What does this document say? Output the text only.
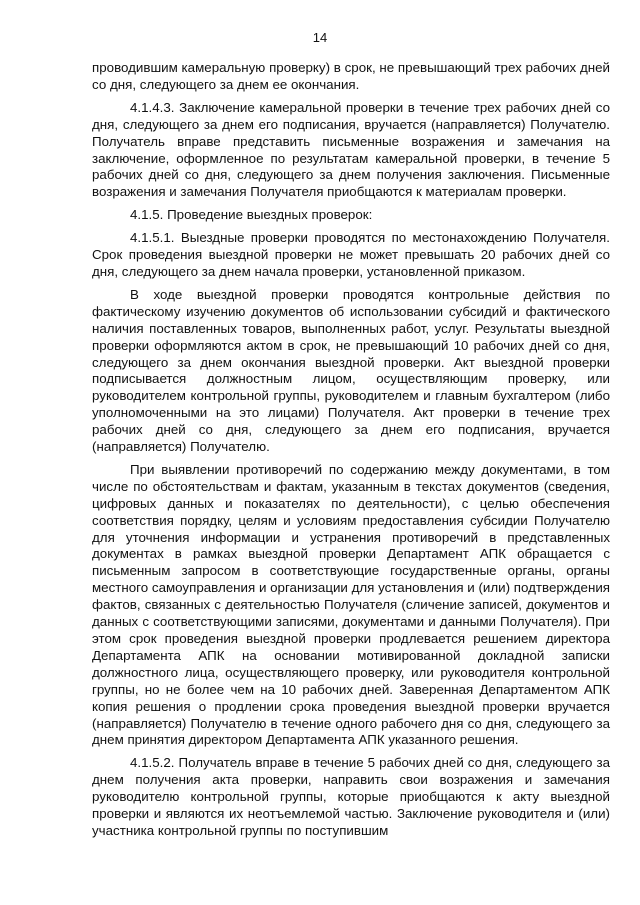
14

проводившим камеральную проверку) в срок, не превышающий трех рабочих дней со дня, следующего за днем ее окончания.

4.1.4.3. Заключение камеральной проверки в течение трех рабочих дней со дня, следующего за днем его подписания, вручается (направляется) Получателю. Получатель вправе представить письменные возражения и замечания на заключение, оформленное по результатам камеральной проверки, в течение 5 рабочих дней со дня, следующего за днем получения заключения. Письменные возражения и замечания Получателя приобщаются к материалам проверки.

4.1.5. Проведение выездных проверок:

4.1.5.1. Выездные проверки проводятся по местонахождению Получателя. Срок проведения выездной проверки не может превышать 20 рабочих дней со дня, следующего за днем начала проверки, установленной приказом.

В ходе выездной проверки проводятся контрольные действия по фактическому изучению документов об использовании субсидий и фактического наличия поставленных товаров, выполненных работ, услуг. Результаты выездной проверки оформляются актом в срок, не превышающий 10 рабочих дней со дня, следующего за днем окончания выездной проверки. Акт выездной проверки подписывается должностным лицом, осуществляющим проверку, или руководителем контрольной группы, руководителем и главным бухгалтером (либо уполномоченными на это лицами) Получателя. Акт проверки в течение трех рабочих дней со дня, следующего за днем его подписания, вручается (направляется) Получателю.

При выявлении противоречий по содержанию между документами, в том числе по обстоятельствам и фактам, указанным в текстах документов (сведения, цифровых данных и показателях по деятельности), с целью обеспечения соответствия порядку, целям и условиям предоставления субсидии Получателю для уточнения информации и устранения противоречий в представленных документах в рамках выездной проверки Департамент АПК обращается с письменным запросом в соответствующие государственные органы, органы местного самоуправления и организации для установления и (или) подтверждения фактов, связанных с деятельностью Получателя (сличение записей, документов и данных с соответствующими записями, документами и данными Получателя). При этом срок проведения выездной проверки продлевается решением директора Департамента АПК на основании мотивированной докладной записки должностного лица, осуществляющего проверку, или руководителя контрольной группы, но не более чем на 10 рабочих дней. Заверенная Департаментом АПК копия решения о продлении срока проведения выездной проверки вручается (направляется) Получателю в течение одного рабочего дня со дня, следующего за днем принятия директором Департамента АПК указанного решения.

4.1.5.2. Получатель вправе в течение 5 рабочих дней со дня, следующего за днем получения акта проверки, направить свои возражения и замечания руководителю контрольной группы, которые приобщаются к акту выездной проверки и являются их неотъемлемой частью. Заключение руководителя и (или) участника контрольной группы по поступившим
